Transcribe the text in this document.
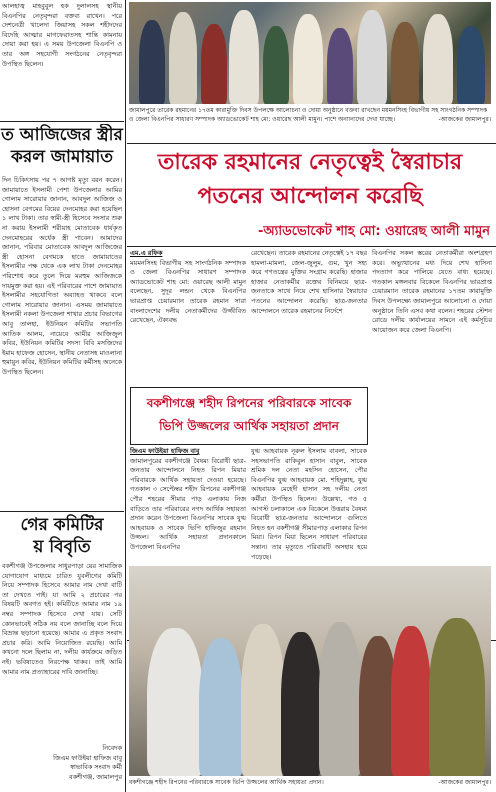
আলহাজ্ব মাহবুবুল হক দুলালসহ স্থানীয় বিএনপির নেতৃবৃন্দরা বক্তব্য রাখেন। পরে দেশনেত্রী খালেদা জিয়াসহ সকল শহীদদের বিদেহি আত্মার মাগফেরাতসহ শান্তি কামনায় দোয়া করা হয়। এ সময় উপজেলা বিএনপি ও তার অঙ্গ সহযোগী সংগঠনের নেতৃবৃন্দরা উপস্থিত ছিলেন।
ত আজিজের স্ত্রীর
করল জামায়াত
দিন চিকিৎসায় পর ৭ আগষ্ট মৃত্যু বরন করেন। জামায়াতে ইসলামী পেশা উপজেলার আমির গোলাম সারোয়ার জানান, আবদুল আজিজ ও হোসনা বেগমের বিয়ের দেনমোহর করা হয়েছিল ১ লাখ টাকা। তার স্বামী-স্ত্রী হিসেবে সংসার শুরু না করায় ইসলামী শরীয়াহ মোতাবেক ধার্যকৃত দেনমোহরের অর্ধেক স্ত্রী পাবেন। আমাদের জানান, পরিবার মোতাবেক আবদুল আজিজের স্ত্রী হোসনা বেগমকে হাতে জামায়াতের ইসলামীর পক্ষ থেকে এক লাখ টাকা দেনমোহর পরিশোধ করে তুলে দিয়ে মরহুম আজিজকে দায়মুক্ত করা হয়। এই পরিবারের পাশে জামায়াত ইসলামীর সহযোগিতা অব্যাহত থাকবে বলে গোলাম সারোয়ার জানান। এসময় জামায়াতে ইসলামী নকলা উপজেলা শাখার প্রচার বিভাগের আবু তালহা, ইউনিয়ন কমিটির সভাপতি আতিক আলম, নায়েবে আমীর আজিজুল কবির, ইউনিয়ন কমিটির সদস্য বিবি মসজিদের ইমাম হাফেজ হোসেন, স্থানীয় নেতাসহ মাওলানা হুমায়ুন কবির, ইউনিয়ন কমিটির কর্মীসহ অনেকে উপস্থিত ছিলেন।
গের কমিটির
য় বিবৃতি
বকশীগঞ্জ উপজেলার সাধুরপাড়া য়ের সামাজিক যোগাযোগ মাধ্যমে চারিত যুবলীগের কমিটি নিয়ে সম্পাদক হিসেবে আমার নাম দেখা বাটি তা দেখতে পাই। যা আমি ২ প্রচারের পর বিষয়টি অবগত হই। কমিটিতে আমার নাম ১৯ নম্বর সম্পাদক হিসেবে দেখা যায়। সেটি কোনভাবেই সঠিক নয় বলে জানাচ্ছি বলে দিয়ে বিভ্রান্ত ছড়ানো হয়েছে। আমার এ প্রকৃত সংবাদ প্রচার করি। আমি নিয়োজিত রয়েছি। আমি কখনো দলে ছিলাম না, দলীয় কার্যক্রমে জড়িত নই। ভবিষ্যতেও নিরপেক্ষ থাকব। তাই আমি আমার নাম প্রত্যাহারের দাবি জানাচ্ছি।
নিবেদক
জিএম ফাউইয়া হাফিজ বাবু
স্বাভাবিক সংবাদ কর্মী
বকশীগঞ্জ, জামালপুর
জামালপুরে তারেক রহমানের ১৭তম কারামুক্তি দিবস উপলক্ষে আলোচনা ও দোয়া অনুষ্ঠানে বক্তব্য রাখছেন ময়মনসিংহ বিভাগীয় সহ সাংগঠনিক সম্পাদক ও জেলা বিএনপির সাধারণ সম্পাদক অ্যাডভোকেট শাহ মো: ওয়ারেছ আলী মামুন। পাশে অন্যান্যদের দেখা যাচ্ছে।	-আজকের জামালপুর।
তারেক রহমানের নেতৃত্বেই স্বৈরাচার
পতনের আন্দোলন করেছি
-অ্যাডভোকেট শাহ মো: ওয়ারেছ আলী মামুন

এম.এ রফিক

ময়মনসিংহ বিভাগীয় সহ সাংগঠনিক সম্পাদক ও জেলা বিএনপির সাধারণ সম্পাদক অ্যাডভোকেট শাহ মো: ওয়ারেছ আলী মামুন বলেছেন, সুদূর লন্ডন থেকে বিএনপির ভারপ্রাপ্ত চেয়ারম্যান তারেক রহমান সারা বাংলাদেশের দলীয় নেতাকর্মীদের উজ্জীবিত রেখেছেন, ঐক্যবদ্ধ

রেখেছেন। তারেক রহমানের নেতৃত্বেই ১৭ বছর হামলা-মামলা, জেল-জুলুম, গুম, খুন সহ্য করে গণতন্ত্রের মুক্তির সংগ্রাম করেছি। হাজার হাজার নেতাকর্মীর রক্তের বিনিময়ে ছাত্র-জনতাকে সাথে নিয়ে শেখ হাসিনার স্বৈরাচার পতনের আন্দোলন করেছি। ছাত্র-জনতার আন্দোলনে তারেক রহমানের নির্দেশে
বিএনপির সকল স্তরের নেতাকর্মীরা অংশগ্রহণ করে। অভ্যুত্থানের মধ্য দিয়ে শেখ হাসিনা পদত্যাগ করে পালিয়ে যেতে বাধ্য হয়েছে। গতকাল মঙ্গলবার বিকেলে বিএনপির ভারপ্রাপ্ত চেয়ারম্যান তারেক রহমানের ১৭তম কারামুক্তি দিবস উপলক্ষ্যে জামালপুরে আলোচনা ও দোয়া অনুষ্ঠানে তিনি এসব কথা বলেন। শহরের স্টেশন রোডে দলীয় কার্যালয়ের সামনে এই কর্মসূচির আয়োজন করে জেলা বিএনপি।
বকশীগঞ্জে শহীদ রিপনের পরিবারকে সাবেক
ভিপি উজ্জলের আর্থিক সহায়তা প্রদান

জিএম ফাউইয়া হাফিজ বাবু

জামালপুরের বকশীগঞ্জে বৈষম্য বিরোধী ছাত্র-জনতার আন্দোলনে নিহত রিপন মিয়ার পরিবারকে আর্থিক সহায়তা দেওয়া হয়েছে। গতকাল ৩ সেপ্টেম্বর শহীদ রিপনের বকশীগঞ্জ পৌর শহরের সীমার পাড় এলাকায় নিজ বাড়িতে তার পরিবারের নগদ আর্থিক সহায়তা প্রদান করেন উপজেলা বিএনপির সাবেক যুগ্ম আহবায়ক ও সাবেক ভিপি হাফিজুর রহমান উজ্জল। আর্থিক সহায়তা প্রদানকালে উপজেলা বিএনপির

যুগ্ম আহবায়ক নূরুল ইসলাম বাবলা, সাবেক সহসভাপতি রাকিবুল হাসান বাবুল, সাবেক শ্রমিক দল নেতা মহসিন হোসেন, পৌর বিএনপির যুগ্ম আহবায়ক মো. শহিদুল্লাহ, যুগ্ম আহবায়ক মেহেদী হাসান সহ দলীয় নেতা কর্মীরা উপস্থিত ছিলেন। উল্লেখ্য, গত ৫ আগস্ট চলাকালে এক বিকেলে উত্তরায় বৈষম্য বিরোধী ছাত্র-জনতার আন্দোলনে গুলিতে নিহত হন বকশীগঞ্জ সীমারপাড় এলাকার রিপন মিয়া। রিপন মিয়া ছিলেন সাধারণ পরিবারের সন্তান। তার মৃত্যুতে পরিবারটি অসহায় হয়ে পড়েছে।
বকশীগঞ্জে শহীদ রিপনের পরিবারকে সাবেক ভিপি উজ্জলের আর্থিক সহায়তা প্রদান।	-আজকের জামালপুর।
